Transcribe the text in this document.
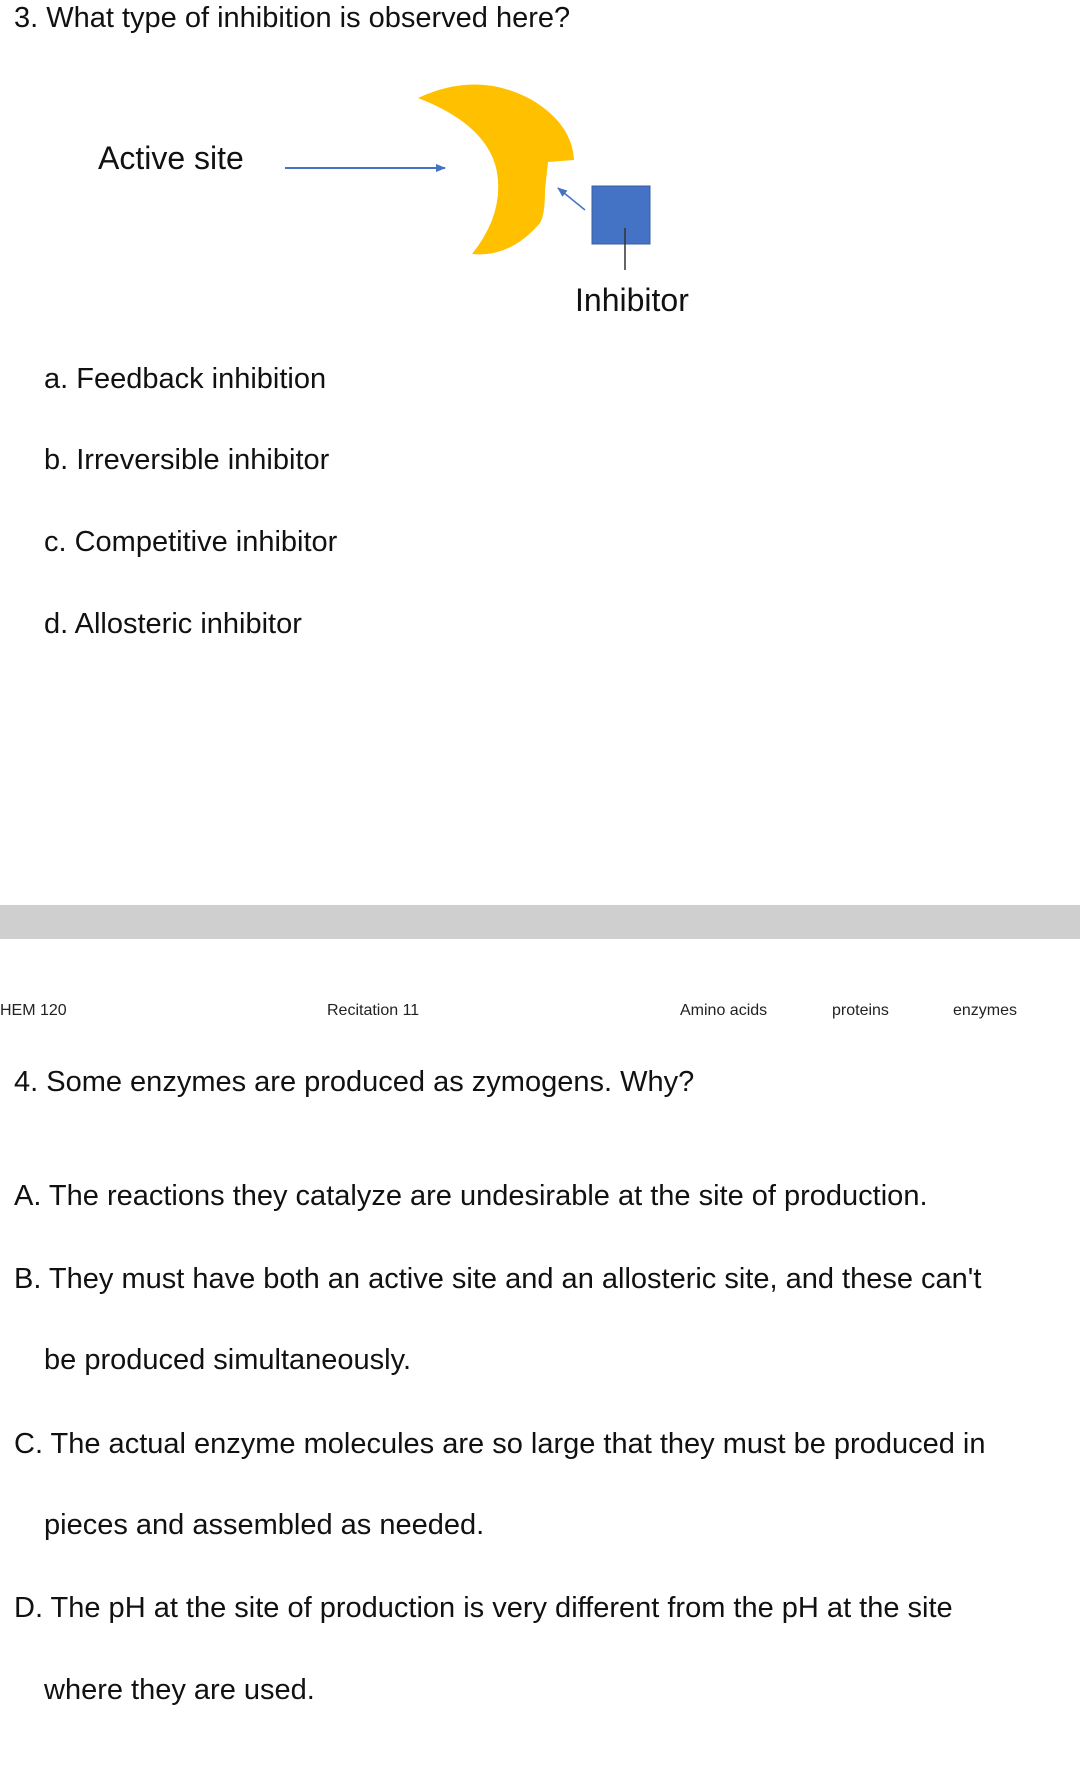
3. What type of inhibition is observed here?
Active site
Inhibitor
a. Feedback inhibition
b. Irreversible inhibitor
c. Competitive inhibitor
d. Allosteric inhibitor
HEM 120	Recitation 11	Amino acids	proteins	enzymes
4. Some enzymes are produced as zymogens. Why?
A. The reactions they catalyze are undesirable at the site of production.
B. They must have both an active site and an allosteric site, and these can't
be produced simultaneously.
C. The actual enzyme molecules are so large that they must be produced in
pieces and assembled as needed.
D. The pH at the site of production is very different from the pH at the site
where they are used.
